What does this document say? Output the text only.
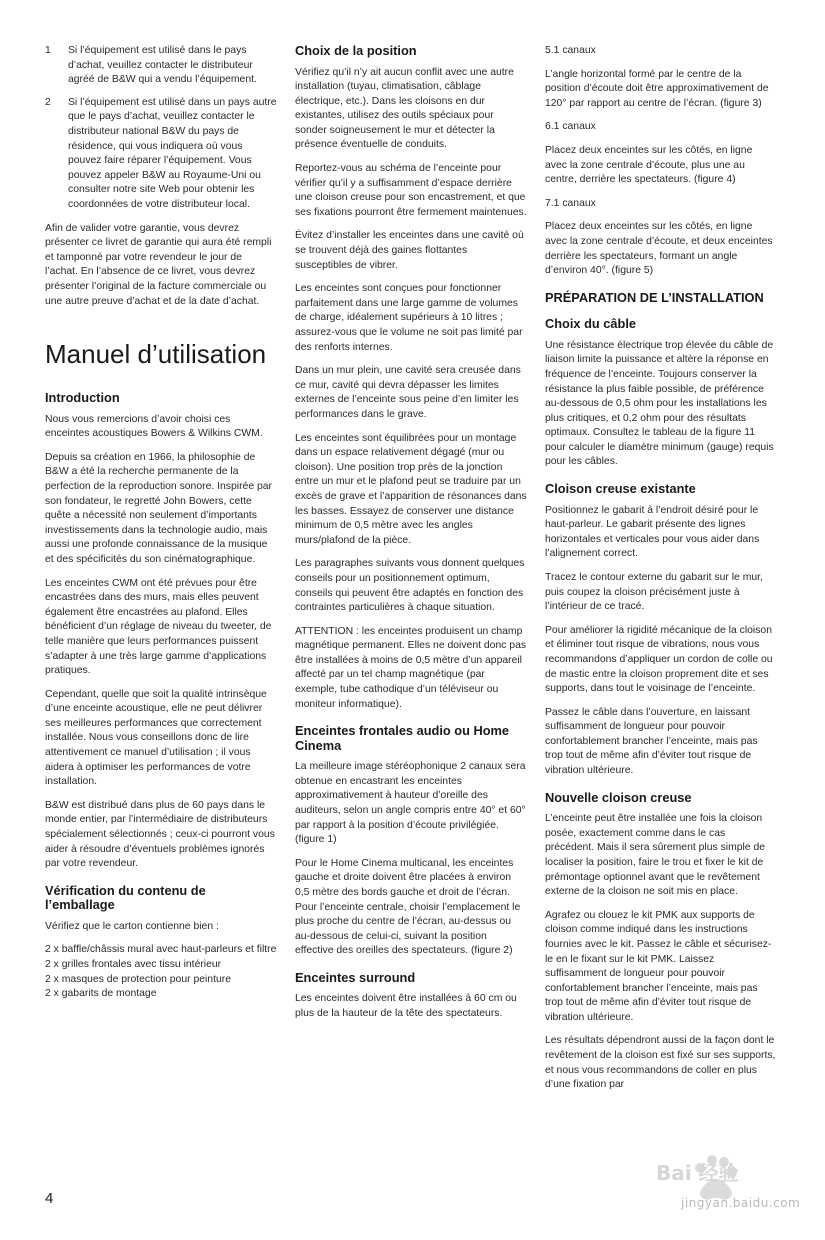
1	Si l’équipement est utilisé dans le pays d’achat, veuillez contacter le distributeur agréé de B&W qui a vendu l’équipement.
2	Si l’équipement est utilisé dans un pays autre que le pays d’achat, veuillez contacter le distributeur national B&W du pays de résidence, qui vous indiquera où vous pouvez faire réparer l’équipement. Vous pouvez appeler B&W au Royaume-Uni ou consulter notre site Web pour obtenir les coordonnées de votre distributeur local.

Afin de valider votre garantie, vous devrez présenter ce livret de garantie qui aura été rempli et tamponné par votre revendeur le jour de l’achat. En l’absence de ce livret, vous devrez présenter l’original de la facture commerciale ou une autre preuve d’achat et de la date d’achat.

Manuel d’utilisation
Introduction

Nous vous remercions d’avoir choisi ces enceintes acoustiques Bowers & Wilkins CWM.

Depuis sa création en 1966, la philosophie de B&W a été la recherche permanente de la perfection de la reproduction sonore. Inspirée par son fondateur, le regretté John Bowers, cette quête a nécessité non seulement d’importants investissements dans la technologie audio, mais aussi une profonde connaissance de la musique et des spécificités du son cinématographique.

Les enceintes CWM ont été prévues pour être encastrées dans des murs, mais elles peuvent également être encastrées au plafond. Elles bénéficient d’un réglage de niveau du tweeter, de telle manière que leurs performances puissent s’adapter à une très large gamme d’applications pratiques.

Cependant, quelle que soit la qualité intrinsèque d’une enceinte acoustique, elle ne peut délivrer ses meilleures performances que correctement installée. Nous vous conseillons donc de lire attentivement ce manuel d’utilisation ; il vous aidera à optimiser les performances de votre installation.

B&W est distribué dans plus de 60 pays dans le monde entier, par l’intermédiaire de distributeurs spécialement sélectionnés ; ceux-ci pourront vous aider à résoudre d’éventuels problèmes ignorés par votre revendeur.

Vérification du contenu de l’emballage

Vérifiez que le carton contienne bien :

2 x baffle/châssis mural avec haut-parleurs et filtre
2 x grilles frontales avec tissu intérieur
2 x masques de protection pour peinture
2 x gabarits de montage
Choix de la position

Vérifiez qu’il n’y ait aucun conflit avec une autre installation (tuyau, climatisation, câblage électrique, etc.). Dans les cloisons en dur existantes, utilisez des outils spéciaux pour sonder soigneusement le mur et détecter la présence éventuelle de conduits.

Reportez-vous au schéma de l’enceinte pour vérifier qu’il y a suffisamment d’espace derrière une cloison creuse pour son encastrement, et que ses fixations pourront être fermement maintenues.

Évitez d’installer les enceintes dans une cavité où se trouvent déjà des gaines flottantes susceptibles de vibrer.

Les enceintes sont conçues pour fonctionner parfaitement dans une large gamme de volumes de charge, idéalement supérieurs à 10 litres ; assurez-vous que le volume ne soit pas limité par des renforts internes.

Dans un mur plein, une cavité sera creusée dans ce mur, cavité qui devra dépasser les limites externes de l’enceinte sous peine d’en limiter les performances dans le grave.

Les enceintes sont équilibrées pour un montage dans un espace relativement dégagé (mur ou cloison). Une position trop près de la jonction entre un mur et le plafond peut se traduire par un excès de grave et l’apparition de résonances dans les basses. Essayez de conserver une distance minimum de 0,5 mètre avec les angles murs/plafond de la pièce.

Les paragraphes suivants vous donnent quelques conseils pour un positionnement optimum, conseils qui peuvent être adaptés en fonction des contraintes particulières à chaque situation.

ATTENTION : les enceintes produisent un champ magnétique permanent. Elles ne doivent donc pas être installées à moins de 0,5 mètre d’un appareil affecté par un tel champ magnétique (par exemple, tube cathodique d’un téléviseur ou moniteur informatique).

Enceintes frontales audio ou Home Cinema

La meilleure image stéréophonique 2 canaux sera obtenue en encastrant les enceintes approximativement à hauteur d’oreille des auditeurs, selon un angle compris entre 40° et 60° par rapport à la position d’écoute privilégiée. (figure 1)

Pour le Home Cinema multicanal, les enceintes gauche et droite doivent être placées à environ 0,5 mètre des bords gauche et droit de l’écran. Pour l’enceinte centrale, choisir l’emplacement le plus proche du centre de l’écran, au-dessus ou au-dessous de celui-ci, suivant la position effective des oreilles des spectateurs. (figure 2)

Enceintes surround

Les enceintes doivent être installées à 60 cm ou plus de la hauteur de la tête des spectateurs.

5.1 canaux

L’angle horizontal formé par le centre de la position d’écoute doit être approximativement de 120° par rapport au centre de l’écran. (figure 3)

6.1 canaux

Placez deux enceintes sur les côtés, en ligne avec la zone centrale d’écoute, plus une au centre, derrière les spectateurs. (figure 4)

7.1 canaux

Placez deux enceintes sur les côtés, en ligne avec la zone centrale d’écoute, et deux enceintes derrière les spectateurs, formant un angle d’environ 40°. (figure 5)

PRÉPARATION DE L’INSTALLATION
Choix du câble

Une résistance électrique trop élevée du câble de liaison limite la puissance et altère la réponse en fréquence de l’enceinte. Toujours conserver la résistance la plus faible possible, de préférence au-dessous de 0,5 ohm pour les installations les plus critiques, et 0,2 ohm pour des résultats optimaux. Consultez le tableau de la figure 11 pour calculer le diamètre minimum (gauge) requis pour les câbles.

Cloison creuse existante

Positionnez le gabarit à l’endroit désiré pour le haut-parleur. Le gabarit présente des lignes horizontales et verticales pour vous aider dans l’alignement correct.

Tracez le contour externe du gabarit sur le mur, puis coupez la cloison précisément juste à l’intérieur de ce tracé.

Pour améliorer la rigidité mécanique de la cloison et éliminer tout risque de vibrations, nous vous recommandons d’appliquer un cordon de colle ou de mastic entre la cloison proprement dite et ses supports, dans tout le voisinage de l’enceinte.

Passez le câble dans l’ouverture, en laissant suffisamment de longueur pour pouvoir confortablement brancher l’enceinte, mais pas trop tout de même afin d’éviter tout risque de vibration ultérieure.

Nouvelle cloison creuse

L’enceinte peut être installée une fois la cloison posée, exactement comme dans le cas précédent. Mais il sera sûrement plus simple de localiser la position, faire le trou et fixer le kit de prémontage optionnel avant que le revêtement externe de la cloison ne soit mis en place.

Agrafez ou clouez le kit PMK aux supports de cloison comme indiqué dans les instructions fournies avec le kit. Passez le câble et sécurisez-le en le fixant sur le kit PMK. Laissez suffisamment de longueur pour pouvoir confortablement brancher l’enceinte, mais pas trop tout de même afin d’éviter tout risque de vibration ultérieure.

Les résultats dépendront aussi de la façon dont le revêtement de la cloison est fixé sur ses supports, et nous vous recommandons de coller en plus d’une fixation par

4
Bai 经验
jingyan.baidu.com
